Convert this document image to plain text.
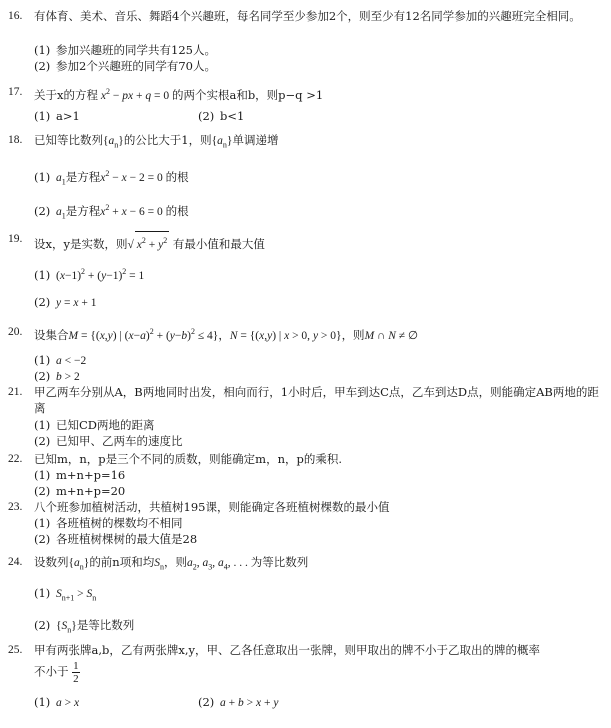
16.	有体育、美术、音乐、舞蹈4个兴趣班，每名同学至少参加2个，则至少有12名同学参加的兴趣班完全相同。
(1) 参加兴趣班的同学共有125人。
(2) 参加2个兴趣班的同学有70人。
17.	关于x的方程 $x^2$ − px + q = 0 的两个实根a和b，则p−q >1
(1) a>1	(2) b<1
18.	已知等比数列$\{a_n\}$的公比大于1，则$\{a_n\}$单调递增
(1) $a_1$是方程$x^2 - x - 2 = 0$ 的根
(2) $a_1$是方程$x^2 + x - 6 = 0$ 的根
19.	设x，y是实数，则√ $x^2 + y^2$ 有最小值和最大值
(1) $(x-1)^2 + (y-1)^2 = 1$
(2) y = x + 1
20.	设集合M = {(x,y) | $(x-a)^2 + (y-b)^2 \le 4$}，N = {(x,y) | x > 0, y > 0}，则M ∩ N ≠ ∅
(1) a < −2
(2) b > 2
21.	甲乙两车分别从A，B两地同时出发，相向而行，1小时后，甲车到达C点，乙车到达D点，则能确定AB两地的距离
(1) 已知CD两地的距离
(2) 已知甲、乙两车的速度比
22.	已知m，n，p是三个不同的质数，则能确定m，n，p的乘积.
(1) m+n+p=16
(2) m+n+p=20
23.	八个班参加植树活动，共植树195课，则能确定各班植树棵数的最小值
(1) 各班植树的棵数均不相同
(2) 各班植树棵树的最大值是28
24.	设数列$\{a_n\}$的前n项和均$S_n$，则$a_2$, $a_3$, $a_4$, . . . 为等比数列
(1) $S_{n+1} > S_n$
(2) $\{S_n\}$是等比数列
25.	甲有两张牌a,b，乙有两张牌x,y，甲、乙各任意取出一张牌，则甲取出的牌不小于乙取出的牌的概率
不小于 $\frac{1}{2}$
(1) a > x	(2) a + b > x + y
